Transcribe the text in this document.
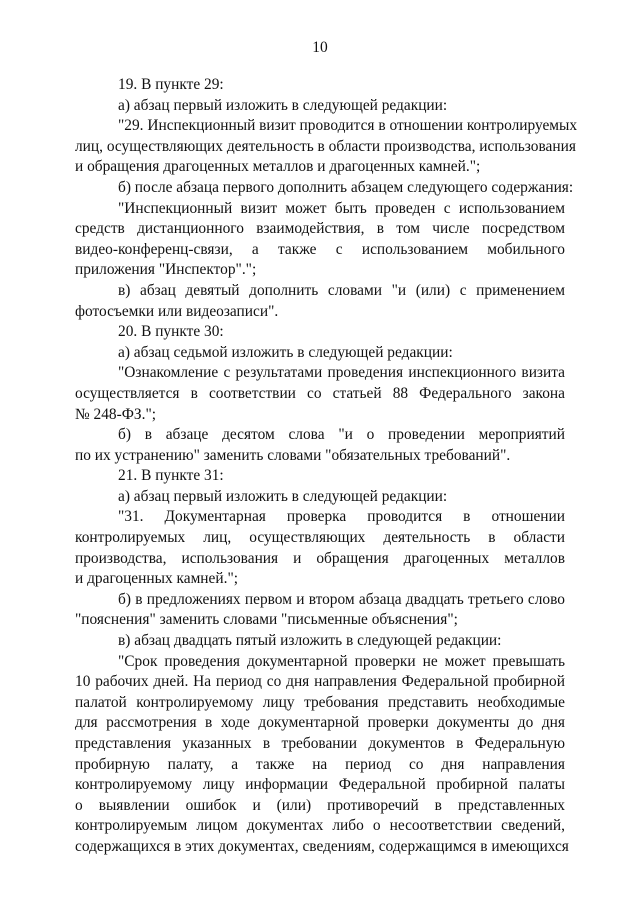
10
19. В пункте 29:
а) абзац первый изложить в следующей редакции:
"29. Инспекционный визит проводится в отношении контролируемых
лиц, осуществляющих деятельность в области производства, использования
и обращения драгоценных металлов и драгоценных камней.";
б) после абзаца первого дополнить абзацем следующего содержания:
"Инспекционный визит может быть проведен с использованием
средств дистанционного взаимодействия, в том числе посредством
видео-конференц-связи, а также с использованием мобильного
приложения "Инспектор".";
в) абзац девятый дополнить словами "и (или) с применением
фотосъемки или видеозаписи".
20. В пункте 30:
а) абзац седьмой изложить в следующей редакции:
"Ознакомление с результатами проведения инспекционного визита
осуществляется в соответствии со статьей 88 Федерального закона
№ 248-ФЗ.";
б) в абзаце десятом слова "и о проведении мероприятий
по их устранению" заменить словами "обязательных требований".
21. В пункте 31:
а) абзац первый изложить в следующей редакции:
"31. Документарная проверка проводится в отношении
контролируемых лиц, осуществляющих деятельность в области
производства, использования и обращения драгоценных металлов
и драгоценных камней.";
б) в предложениях первом и втором абзаца двадцать третьего слово
"пояснения" заменить словами "письменные объяснения";
в) абзац двадцать пятый изложить в следующей редакции:
"Срок проведения документарной проверки не может превышать
10 рабочих дней. На период со дня направления Федеральной пробирной
палатой контролируемому лицу требования представить необходимые
для рассмотрения в ходе документарной проверки документы до дня
представления указанных в требовании документов в Федеральную
пробирную палату, а также на период со дня направления
контролируемому лицу информации Федеральной пробирной палаты
о выявлении ошибок и (или) противоречий в представленных
контролируемым лицом документах либо о несоответствии сведений,
содержащихся в этих документах, сведениям, содержащимся в имеющихся
